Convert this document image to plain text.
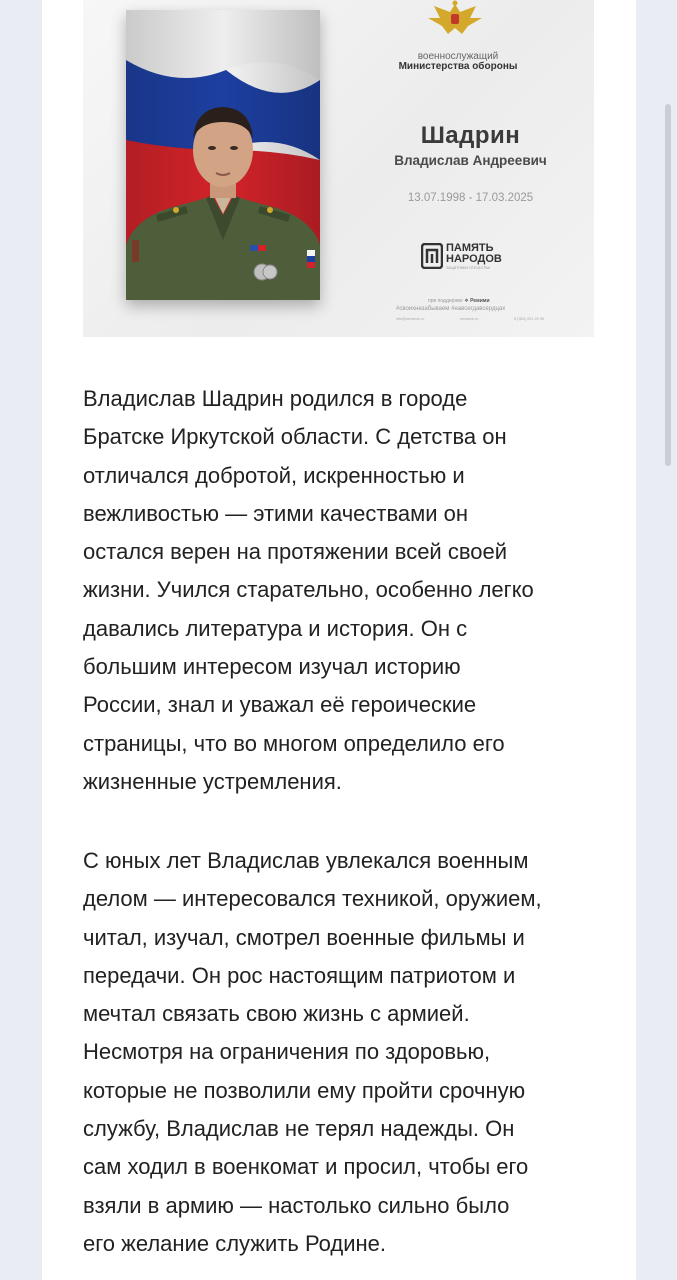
военнослужащий
Министерства обороны
Шадрин
Владислав Андреевич
13.07.1998 - 17.03.2025
ПАМЯТЬ
НАРОДОВ
ЗАЩИТНИКИ ОТЕЧЕСТВА
при поддержке ❖ Ремими
#своихнезабываем #навсегдавсердцах
info@remame.ru	remame.ru	8 (383) 201 25 96

Владислав Шадрин родился в городе
Братске Иркутской области. С детства он
отличался добротой, искренностью и
вежливостью — этими качествами он
остался верен на протяжении всей своей
жизни. Учился старательно, особенно легко
давались литература и история. Он с
большим интересом изучал историю
России, знал и уважал её героические
страницы, что во многом определило его
жизненные устремления.

С юных лет Владислав увлекался военным
делом — интересовался техникой, оружием,
читал, изучал, смотрел военные фильмы и
передачи. Он рос настоящим патриотом и
мечтал связать свою жизнь с армией.
Несмотря на ограничения по здоровью,
которые не позволили ему пройти срочную
службу, Владислав не терял надежды. Он
сам ходил в военкомат и просил, чтобы его
взяли в армию — настолько сильно было
его желание служить Родине.
